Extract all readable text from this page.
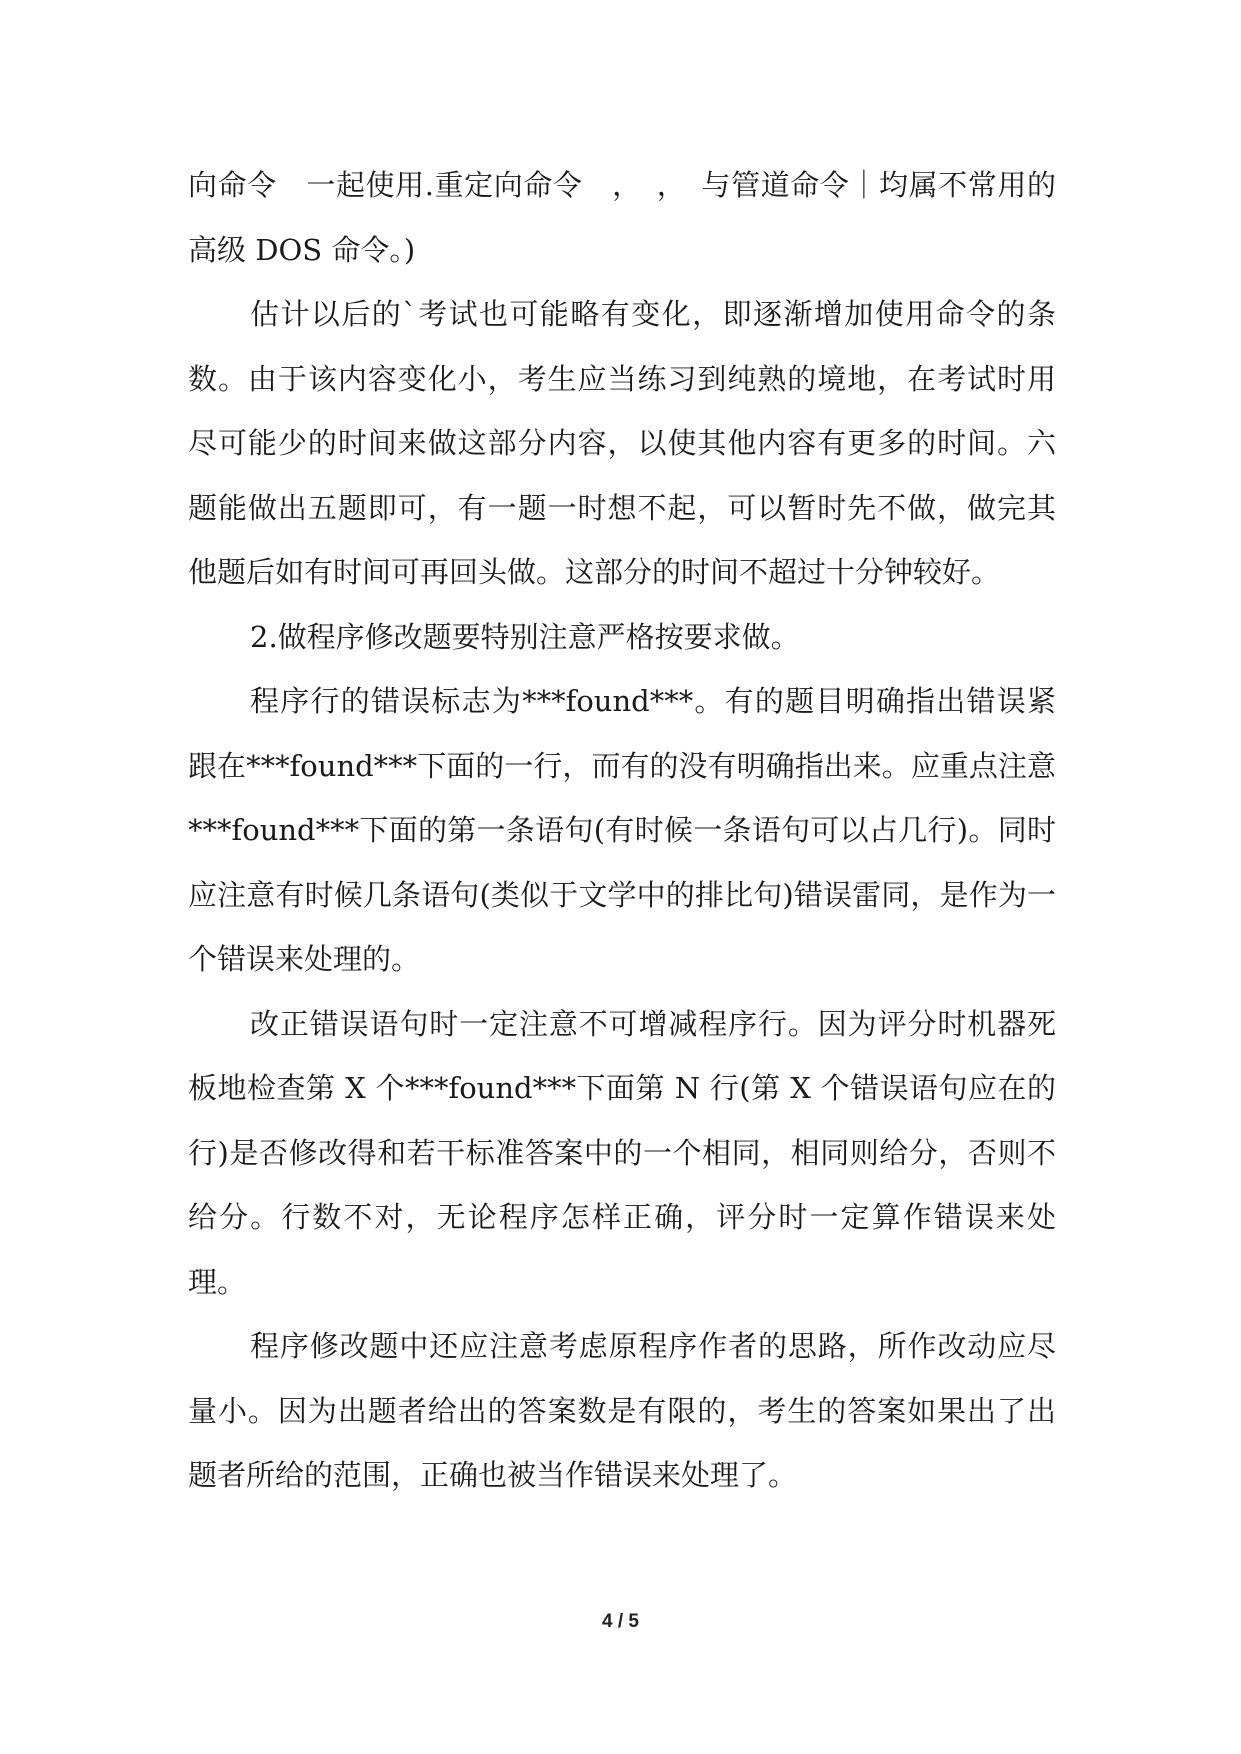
向命令　一起使用.重定向命令　，　，　与管道命令｜均属不常用的高级 DOS 命令。)

估计以后的`考试也可能略有变化，即逐渐增加使用命令的条数。由于该内容变化小，考生应当练习到纯熟的境地，在考试时用尽可能少的时间来做这部分内容，以使其他内容有更多的时间。六题能做出五题即可，有一题一时想不起，可以暂时先不做，做完其他题后如有时间可再回头做。这部分的时间不超过十分钟较好。

2.做程序修改题要特别注意严格按要求做。

程序行的错误标志为***found***。有的题目明确指出错误紧跟在***found***下面的一行，而有的没有明确指出来。应重点注意***found***下面的第一条语句(有时候一条语句可以占几行)。同时应注意有时候几条语句(类似于文学中的排比句)错误雷同，是作为一个错误来处理的。

改正错误语句时一定注意不可增减程序行。因为评分时机器死板地检查第 X 个***found***下面第 N 行(第 X 个错误语句应在的行)是否修改得和若干标准答案中的一个相同，相同则给分，否则不给分。行数不对，无论程序怎样正确，评分时一定算作错误来处理。

程序修改题中还应注意考虑原程序作者的思路，所作改动应尽量小。因为出题者给出的答案数是有限的，考生的答案如果出了出题者所给的范围，正确也被当作错误来处理了。

4 / 5
